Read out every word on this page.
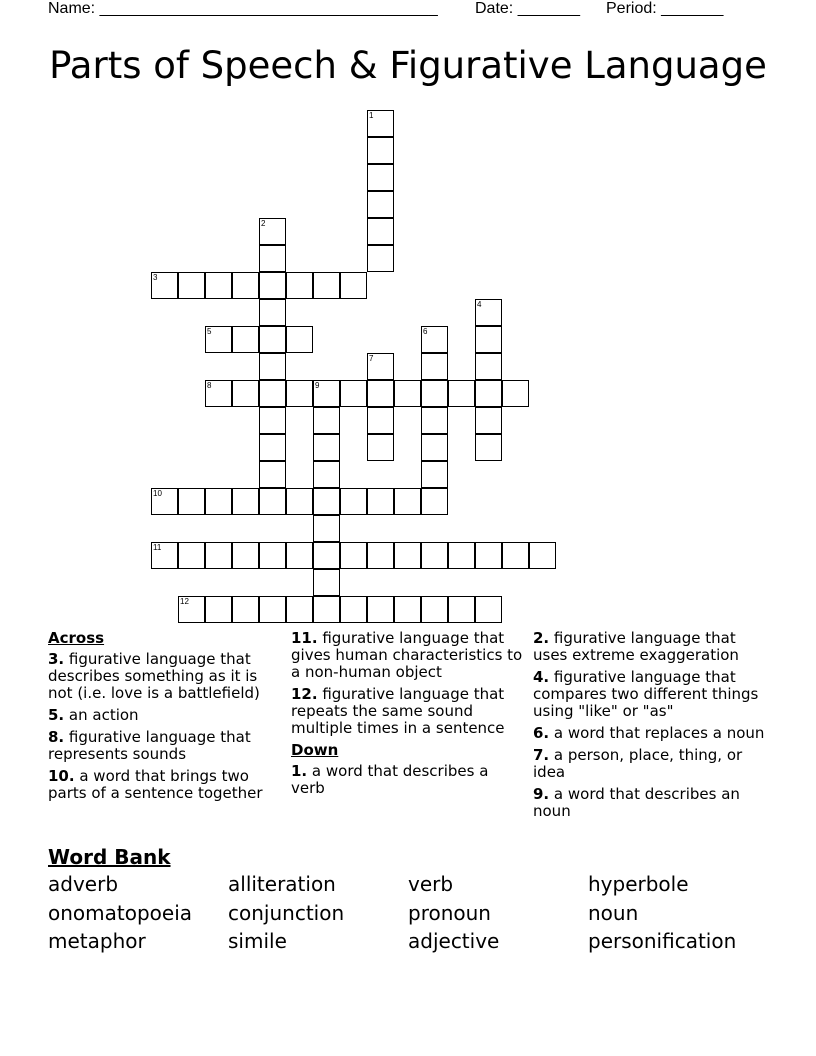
Name: ______________________________________ Date: _______ Period: _______
Parts of Speech & Figurative Language
1
2
3
4
5	6
7
8	9
10
11
12
Across
3. figurative language that describes something as it is not (i.e. love is a battlefield)
5. an action
8. figurative language that represents sounds
10. a word that brings two parts of a sentence together
11. figurative language that gives human characteristics to a non-human object
12. figurative language that repeats the same sound multiple times in a sentence
Down
1. a word that describes a verb
2. figurative language that uses extreme exaggeration
4. figurative language that compares two different things using "like" or "as"
6. a word that replaces a noun
7. a person, place, thing, or idea
9. a word that describes an noun
Word Bank
adverb	alliteration	verb	hyperbole
onomatopoeia	conjunction	pronoun	noun
metaphor	simile	adjective	personification
